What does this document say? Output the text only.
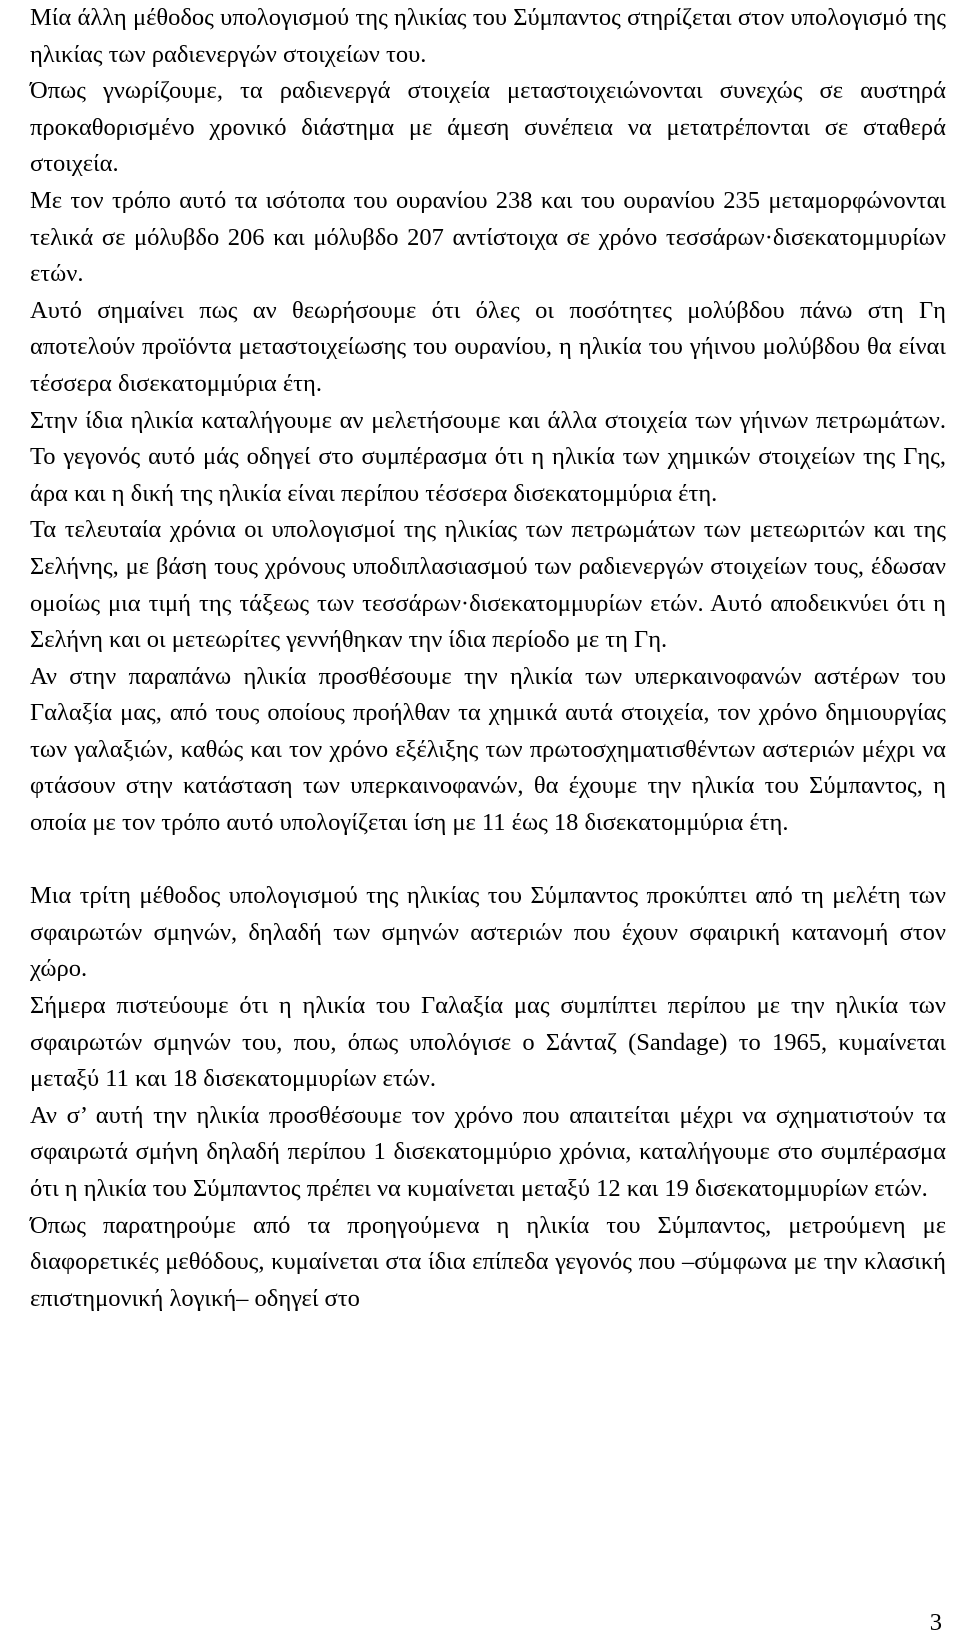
Μία άλλη μέθοδος υπολογισμού της ηλικίας του Σύμπαντος στηρίζεται στον υπολογισμό της ηλικίας των ραδιενεργών στοιχείων του.

Όπως γνωρίζουμε, τα ραδιενεργά στοιχεία μεταστοιχειώνονται συνεχώς σε αυστηρά προκαθορισμένο χρονικό διάστημα με άμεση συνέπεια να μετατρέπονται σε σταθερά στοιχεία.

Με τον τρόπο αυτό τα ισότοπα του ουρανίου 238 και του ουρανίου 235 μεταμορφώνονται τελικά σε μόλυβδο 206 και μόλυβδο 207 αντίστοιχα σε χρόνο τεσσάρων·δισεκατομμυρίων ετών.

Αυτό σημαίνει πως αν θεωρήσουμε ότι όλες οι ποσότητες μολύβδου πάνω στη Γη αποτελούν προϊόντα μεταστοιχείωσης του ουρανίου, η ηλικία του γήινου μολύβδου θα είναι τέσσερα δισεκατομμύρια έτη.

Στην ίδια ηλικία καταλήγουμε αν μελετήσουμε και άλλα στοιχεία των γήινων πετρωμάτων. Το γεγονός αυτό μάς οδηγεί στο συμπέρασμα ότι η ηλικία των χημικών στοιχείων της Γης, άρα και η δική της ηλικία είναι περίπου τέσσερα δισεκατομμύρια έτη.

Τα τελευταία χρόνια οι υπολογισμοί της ηλικίας των πετρωμάτων των μετεωριτών και της Σελήνης, με βάση τους χρόνους υποδιπλασιασμού των ραδιενεργών στοιχείων τους, έδωσαν ομοίως μια τιμή της τάξεως των τεσσάρων·δισεκατομμυρίων ετών. Αυτό αποδεικνύει ότι η Σελήνη και οι μετεωρίτες γεννήθηκαν την ίδια περίοδο με τη Γη.

Αν στην παραπάνω ηλικία προσθέσουμε την ηλικία των υπερκαινοφανών αστέρων του Γαλαξία μας, από τους οποίους προήλθαν τα χημικά αυτά στοιχεία, τον χρόνο δημιουργίας των γαλαξιών, καθώς και τον χρόνο εξέλιξης των πρωτοσχηματισθέντων αστεριών μέχρι να φτάσουν στην κατάσταση των υπερκαινοφανών, θα έχουμε την ηλικία του Σύμπαντος, η οποία με τον τρόπο αυτό υπολογίζεται ίση με 11 έως 18 δισεκατομμύρια έτη.

Μια τρίτη μέθοδος υπολογισμού της ηλικίας του Σύμπαντος προκύπτει από τη μελέτη των σφαιρωτών σμηνών, δηλαδή των σμηνών αστεριών που έχουν σφαιρική κατανομή στον χώρο.

Σήμερα πιστεύουμε ότι η ηλικία του Γαλαξία μας συμπίπτει περίπου με την ηλικία των σφαιρωτών σμηνών του, που, όπως υπολόγισε ο Σάνταζ (Sandage) το 1965, κυμαίνεται μεταξύ 11 και 18 δισεκατομμυρίων ετών.

Αν σ’ αυτή την ηλικία προσθέσουμε τον χρόνο που απαιτείται μέχρι να σχηματιστούν τα σφαιρωτά σμήνη δηλαδή περίπου 1 δισεκατομμύριο χρόνια, καταλήγουμε στο συμπέρασμα ότι η ηλικία του Σύμπαντος πρέπει να κυμαίνεται μεταξύ 12 και 19 δισεκατομμυρίων ετών.

Όπως παρατηρούμε από τα προηγούμενα η ηλικία του Σύμπαντος, μετρούμενη με διαφορετικές μεθόδους, κυμαίνεται στα ίδια επίπεδα γεγονός που –σύμφωνα με την κλασική επιστημονική λογική– οδηγεί στο

3
